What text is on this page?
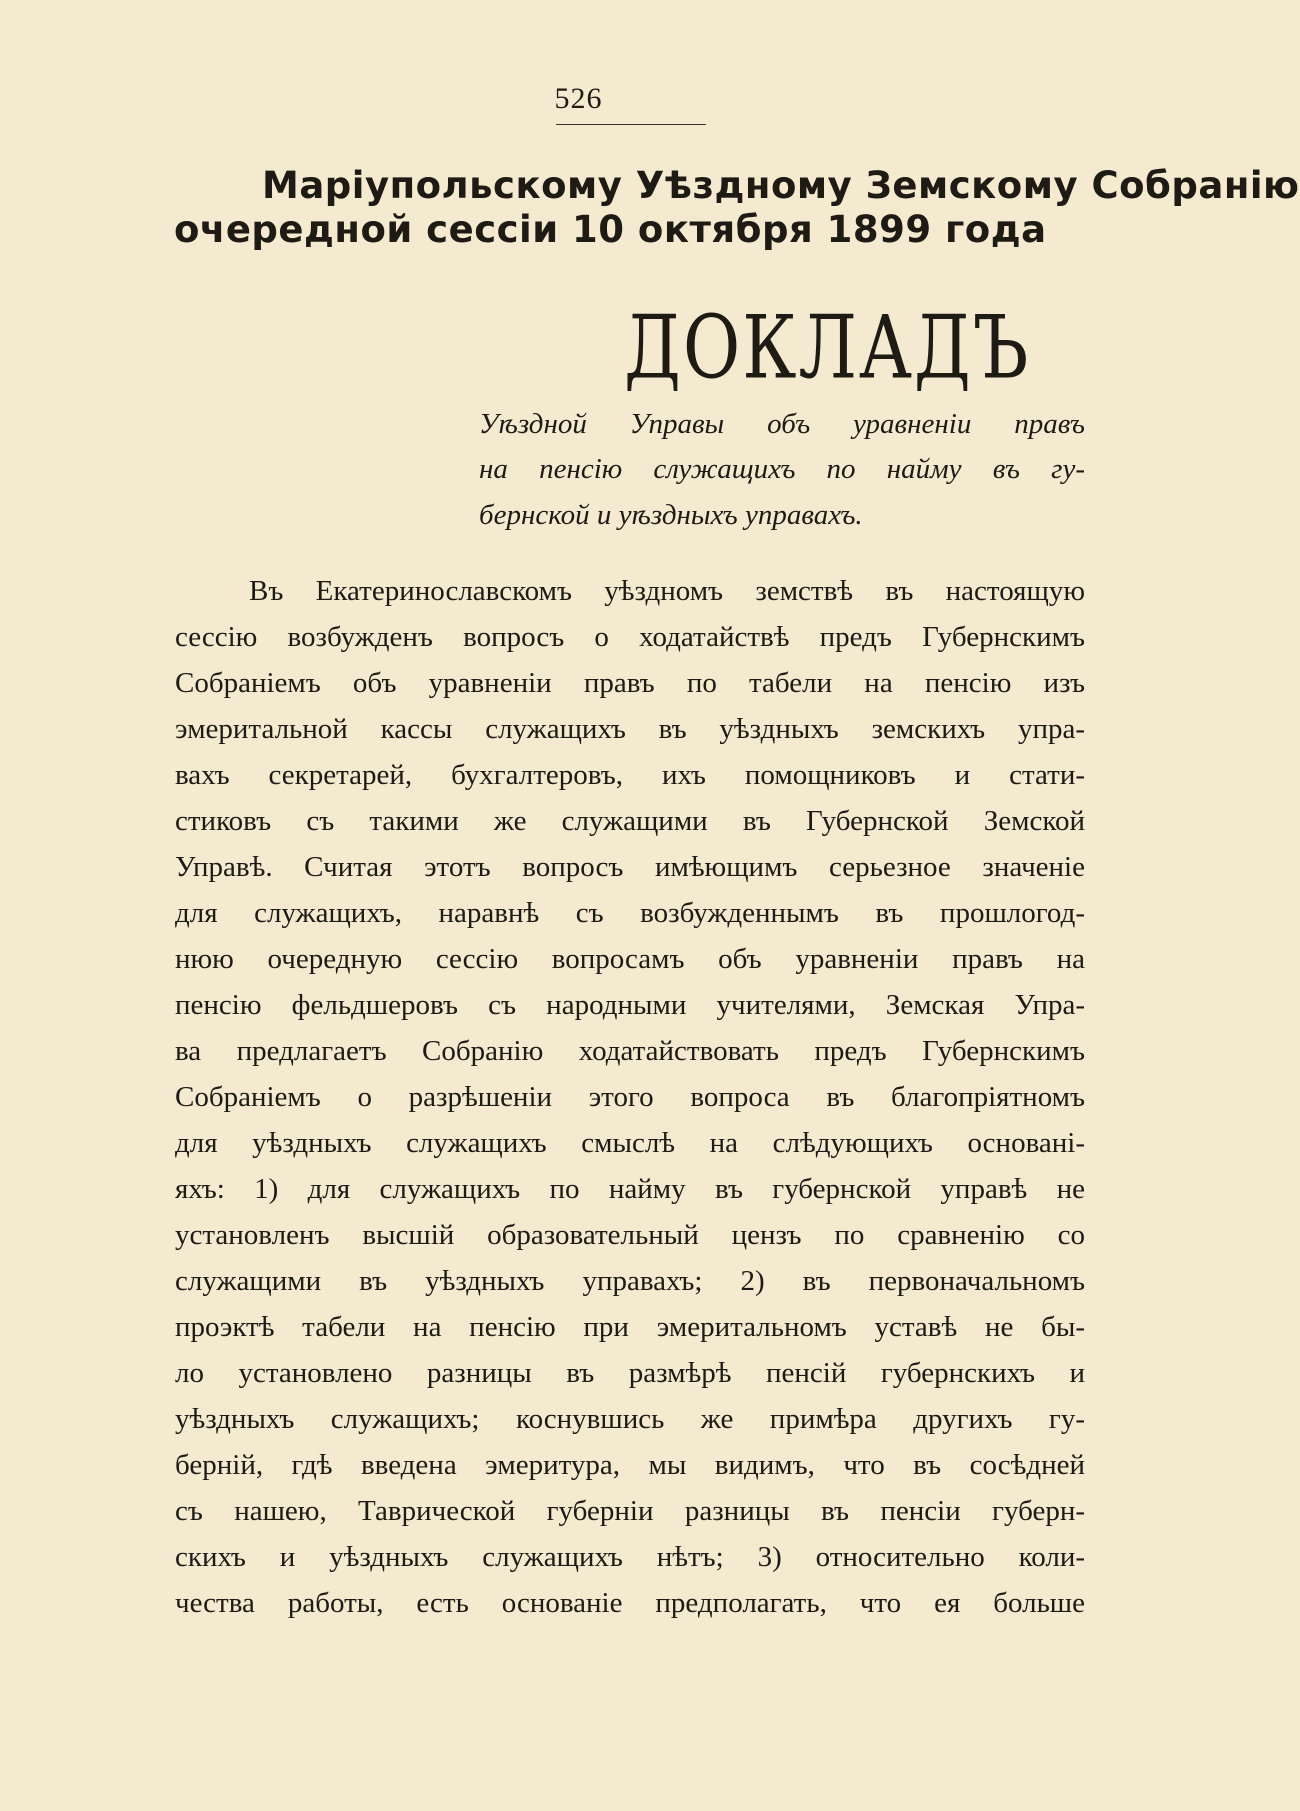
526
Маріупольскому Уѣздному Земскому Собранію
очередной сессіи 10 октября 1899 года
ДОКЛАДЪ
Уѣздной Управы объ уравненіи правъ
на пенсію служащихъ по найму въ гу-
бернской и уѣздныхъ управахъ.
Въ Екатеринославскомъ уѣздномъ земствѣ въ настоящую
сессію возбужденъ вопросъ о ходатайствѣ предъ Губернскимъ
Собраніемъ объ уравненіи правъ по табели на пенсію изъ
эмеритальной кассы служащихъ въ уѣздныхъ земскихъ упра-
вахъ секретарей, бухгалтеровъ, ихъ помощниковъ и стати-
стиковъ съ такими же служащими въ Губернской Земской
Управѣ. Считая этотъ вопросъ имѣющимъ серьезное значеніе
для служащихъ, наравнѣ съ возбужденнымъ въ прошлогод-
нюю очередную сессію вопросамъ объ уравненіи правъ на
пенсію фельдшеровъ съ народными учителями, Земская Упра-
ва предлагаетъ Собранію ходатайствовать предъ Губернскимъ
Собраніемъ о разрѣшеніи этого вопроса въ благопріятномъ
для уѣздныхъ служащихъ смыслѣ на слѣдующихъ основані-
яхъ: 1) для служащихъ по найму въ губернской управѣ не
установленъ высшій образовательный цензъ по сравненію со
служащими въ уѣздныхъ управахъ; 2) въ первоначальномъ
проэктѣ табели на пенсію при эмеритальномъ уставѣ не бы-
ло установлено разницы въ размѣрѣ пенсій губернскихъ и
уѣздныхъ служащихъ; коснувшись же примѣра другихъ гу-
берній, гдѣ введена эмеритура, мы видимъ, что въ сосѣдней
съ нашею, Таврической губерніи разницы въ пенсіи губерн-
скихъ и уѣздныхъ служащихъ нѣтъ; 3) относительно коли-
чества работы, есть основаніе предполагать, что ея больше
